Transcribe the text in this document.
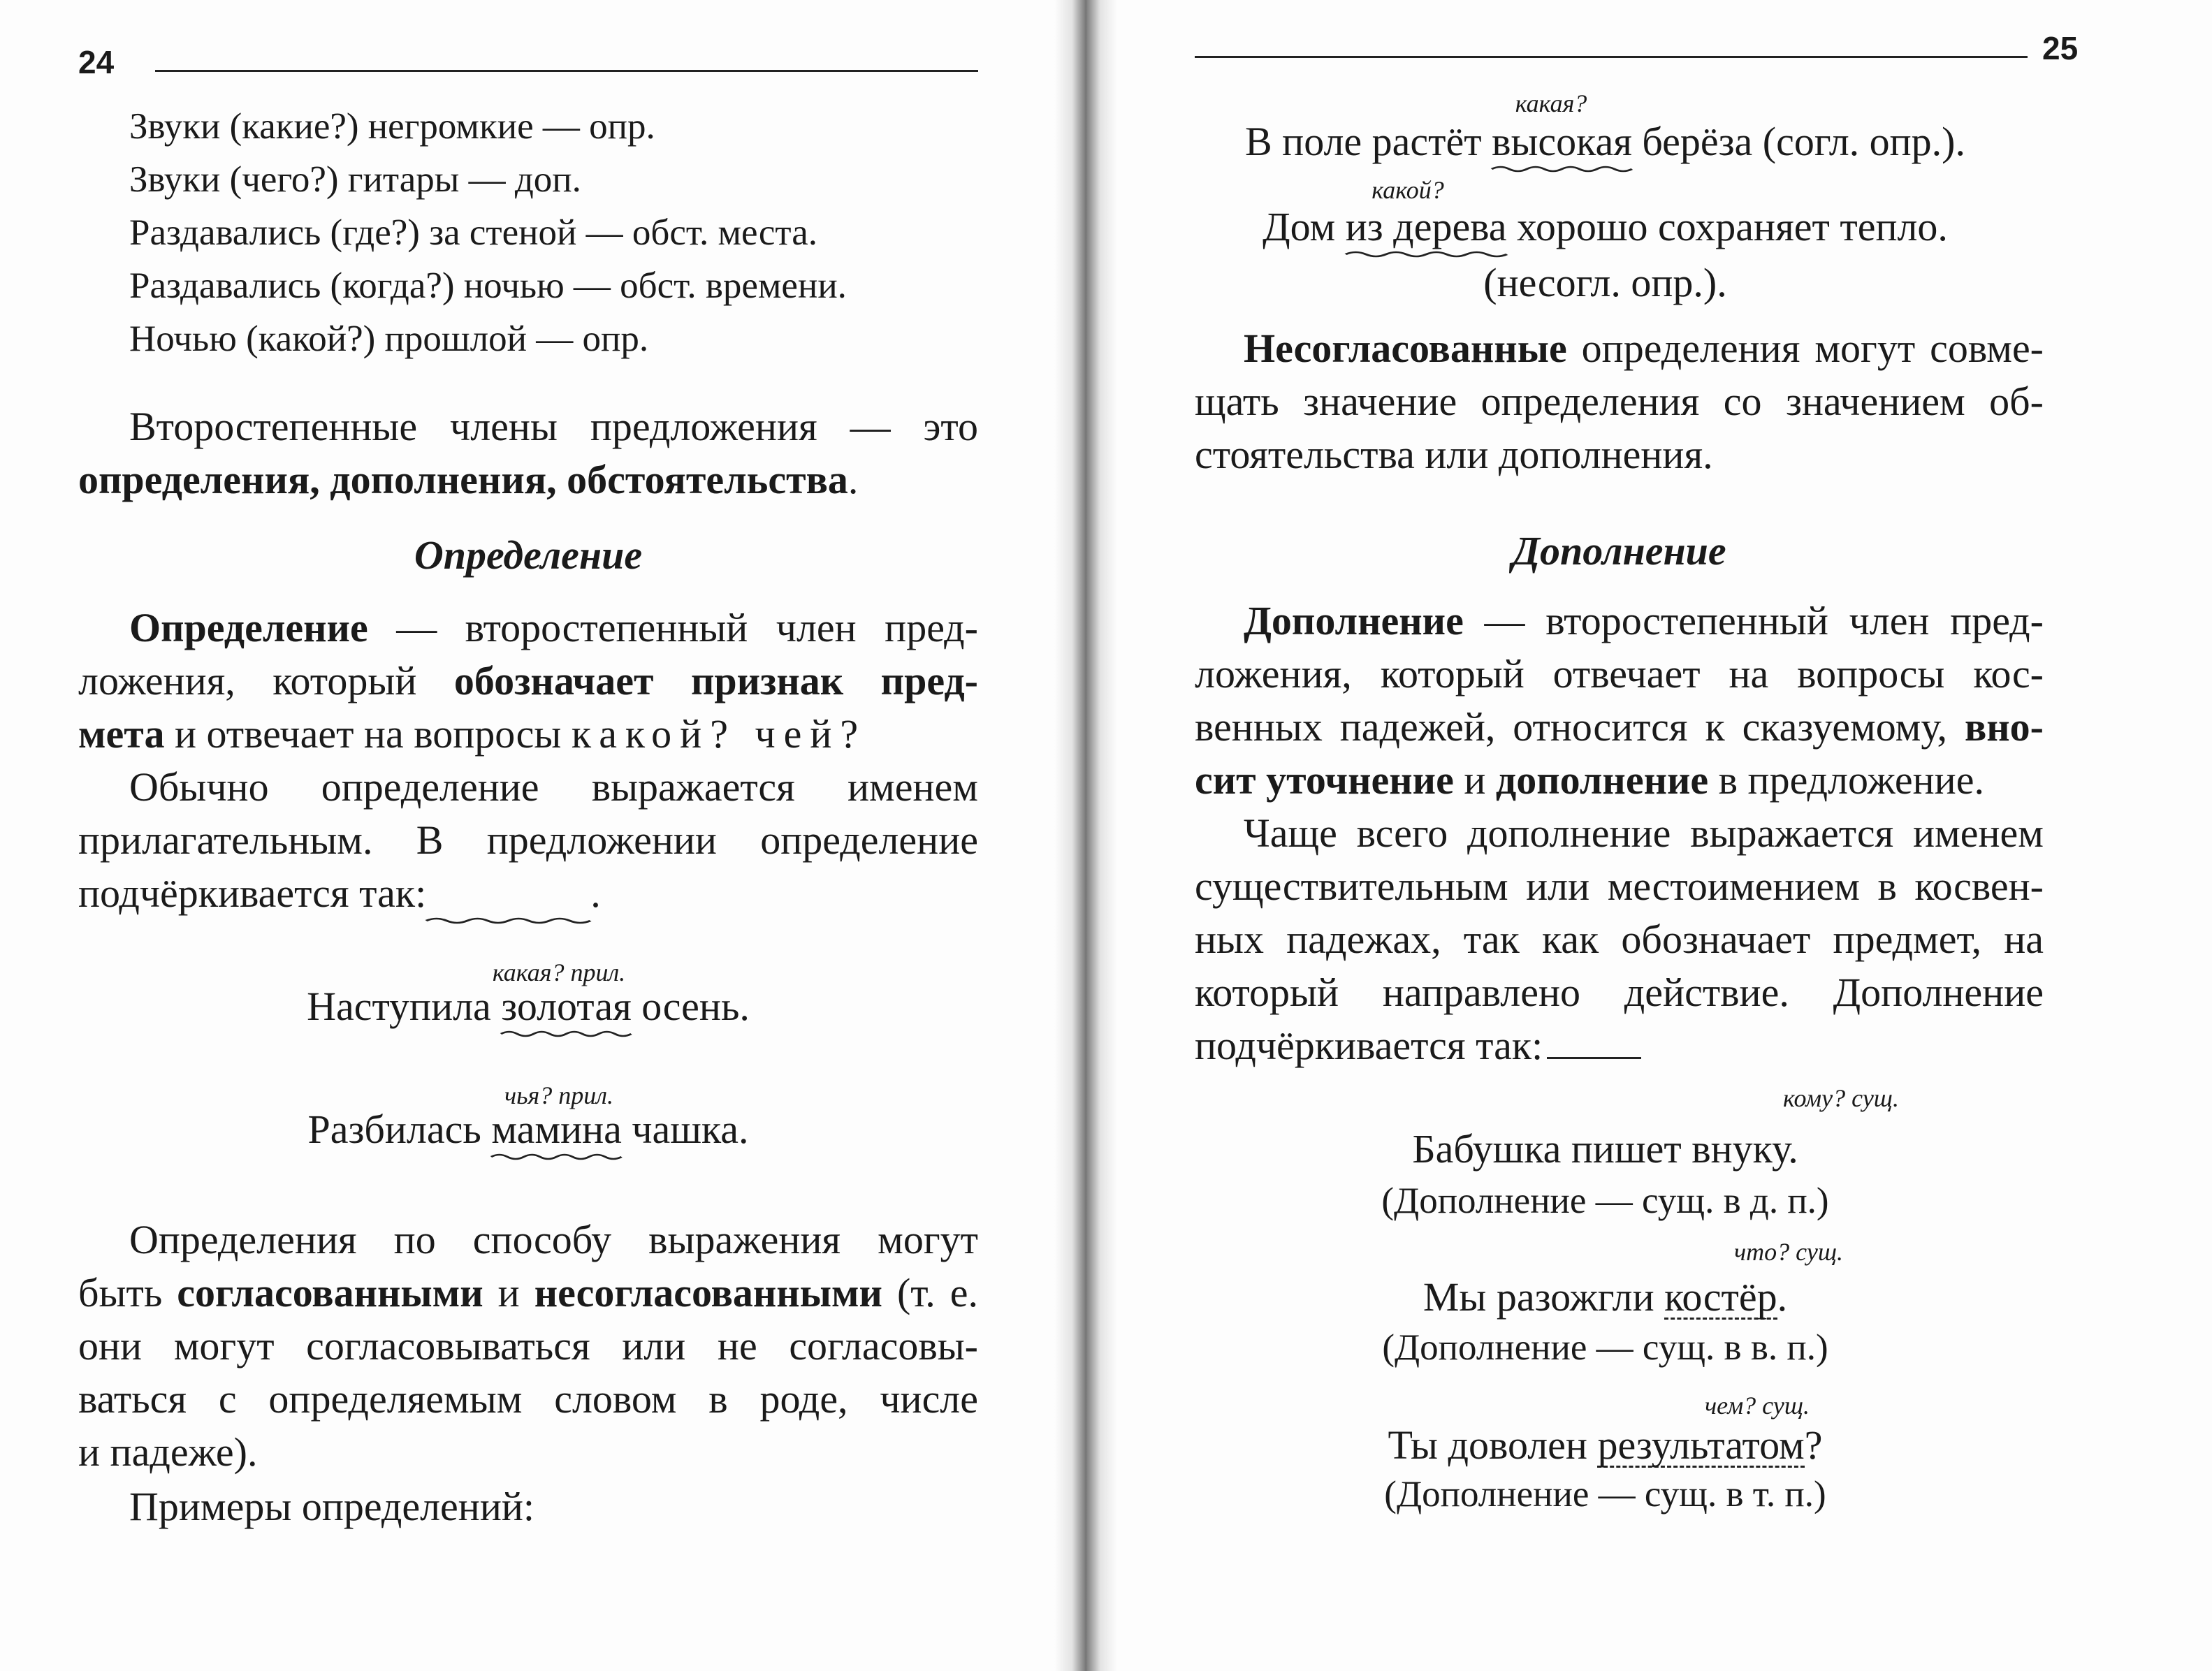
24
Звуки (какие?) негромкие — опр.
Звуки (чего?) гитары — доп.
Раздавались (где?) за стеной — обст. места.
Раздавались (когда?) ночью — обст. времени.
Ночью (какой?) прошлой — опр.
Второстепенные члены предложения — это
определения, дополнения, обстоятельства.
Определение
Определение — второстепенный член пред-
ложения, который обозначает признак пред-
мета и отвечает на вопросы какой? чей?
Обычно определение выражается именем
прилагательным. В предложении определение
подчёркивается так:	.
какая? прил.
Наступила золотая
осень.
чья? прил.
Разбилась мамина
чашка.
Определения по способу выражения могут
быть согласованными и несогласованными (т. е.
они могут согласовываться или не согласовы-
ваться с определяемым словом в роде, числе
и падеже).
Примеры определений:
25
какая?
В поле растёт высокая
берёза (согл. опр.).
какой?
Дом из дерева
хорошо сохраняет тепло.
(несогл. опр.).
Несогласованные определения могут совме-
щать значение определения со значением об-
стоятельства или дополнения.
Дополнение
Дополнение — второстепенный член пред-
ложения, который отвечает на вопросы кос-
венных падежей, относится к сказуемому, вно-
сит уточнение и дополнение в предложение.
Чаще всего дополнение выражается именем
существительным или местоимением в косвен-
ных падежах, так как обозначает предмет, на
который направлено действие. Дополнение
подчёркивается так:
кому? сущ.
Бабушка пишет внуку.
(Дополнение — сущ. в д. п.)
что? сущ.
Мы разожгли костёр.
(Дополнение — сущ. в в. п.)
чем? сущ.
Ты доволен результатом?
(Дополнение — сущ. в т. п.)
